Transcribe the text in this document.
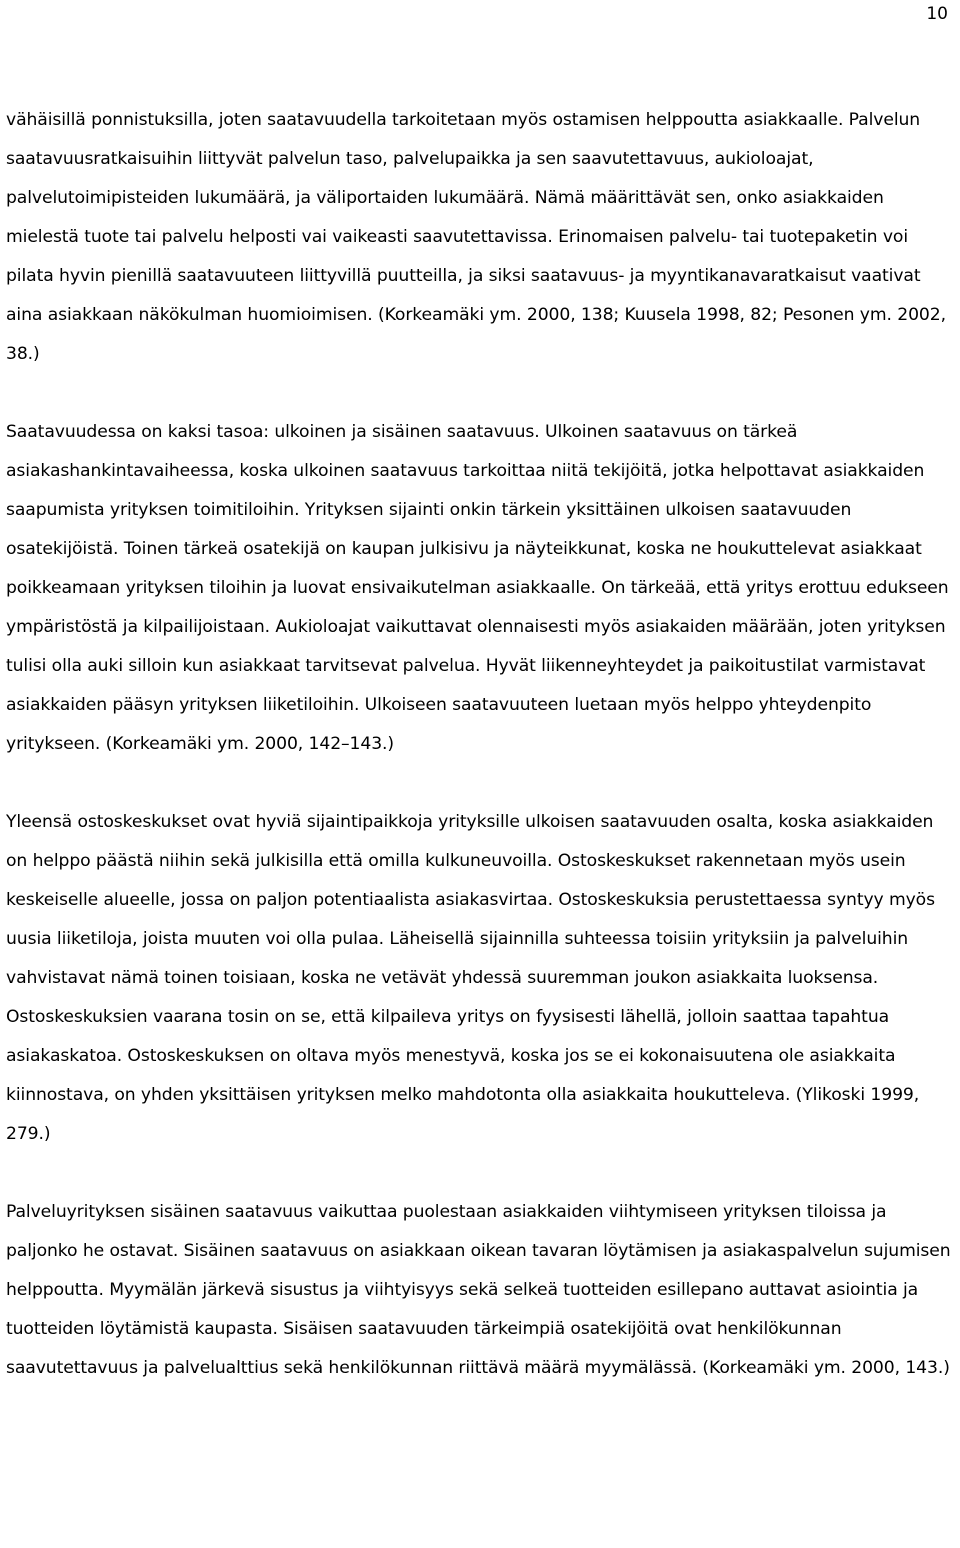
10

vähäisillä ponnistuksilla, joten saatavuudella tarkoitetaan myös ostamisen helppoutta asiakkaalle. Palvelun saatavuusratkaisuihin liittyvät palvelun taso, palvelupaikka ja sen saavutettavuus, aukioloajat, palvelutoimipisteiden lukumäärä, ja väliportaiden lukumäärä. Nämä määrittävät sen, onko asiakkaiden mielestä tuote tai palvelu helposti vai vaikeasti saavutettavissa. Erinomaisen palvelu- tai tuotepaketin voi pilata hyvin pienillä saatavuuteen liittyvillä puutteilla, ja siksi saatavuus- ja myyntikanavaratkaisut vaativat aina asiakkaan näkökulman huomioimisen. (Korkeamäki ym. 2000, 138; Kuusela 1998, 82; Pesonen ym. 2002, 38.)

Saatavuudessa on kaksi tasoa: ulkoinen ja sisäinen saatavuus. Ulkoinen saatavuus on tärkeä asiakashankintavaiheessa, koska ulkoinen saatavuus tarkoittaa niitä tekijöitä, jotka helpottavat asiakkaiden saapumista yrityksen toimitiloihin. Yrityksen sijainti onkin tärkein yksittäinen ulkoisen saatavuuden osatekijöistä. Toinen tärkeä osatekijä on kaupan julkisivu ja näyteikkunat, koska ne houkuttelevat asiakkaat poikkeamaan yrityksen tiloihin ja luovat ensivaikutelman asiakkaalle. On tärkeää, että yritys erottuu edukseen ympäristöstä ja kilpailijoistaan. Aukioloajat vaikuttavat olennaisesti myös asiakaiden määrään, joten yrityksen tulisi olla auki silloin kun asiakkaat tarvitsevat palvelua. Hyvät liikenneyhteydet ja paikoitustilat varmistavat asiakkaiden pääsyn yrityksen liiketiloihin. Ulkoiseen saatavuuteen luetaan myös helppo yhteydenpito yritykseen. (Korkeamäki ym. 2000, 142–143.)

Yleensä ostoskeskukset ovat hyviä sijaintipaikkoja yrityksille ulkoisen saatavuuden osalta, koska asiakkaiden on helppo päästä niihin sekä julkisilla että omilla kulkuneuvoilla. Ostoskeskukset rakennetaan myös usein keskeiselle alueelle, jossa on paljon potentiaalista asiakasvirtaa. Ostoskeskuksia perustettaessa syntyy myös uusia liiketiloja, joista muuten voi olla pulaa. Läheisellä sijainnilla suhteessa toisiin yrityksiin ja palveluihin vahvistavat nämä toinen toisiaan, koska ne vetävät yhdessä suuremman joukon asiakkaita luoksensa. Ostoskeskuksien vaarana tosin on se, että kilpaileva yritys on fyysisesti lähellä, jolloin saattaa tapahtua asiakaskatoa. Ostoskeskuksen on oltava myös menestyvä, koska jos se ei kokonaisuutena ole asiakkaita kiinnostava, on yhden yksittäisen yrityksen melko mahdotonta olla asiakkaita houkutteleva. (Ylikoski 1999, 279.)

Palveluyrityksen sisäinen saatavuus vaikuttaa puolestaan asiakkaiden viihtymiseen yrityksen tiloissa ja paljonko he ostavat. Sisäinen saatavuus on asiakkaan oikean tavaran löytämisen ja asiakaspalvelun sujumisen helppoutta. Myymälän järkevä sisustus ja viihtyisyys sekä selkeä tuotteiden esillepano auttavat asiointia ja tuotteiden löytämistä kaupasta. Sisäisen saatavuuden tärkeimpiä osatekijöitä ovat henkilökunnan saavutettavuus ja palvelualttius sekä henkilökunnan riittävä määrä myymälässä. (Korkeamäki ym. 2000, 143.)
